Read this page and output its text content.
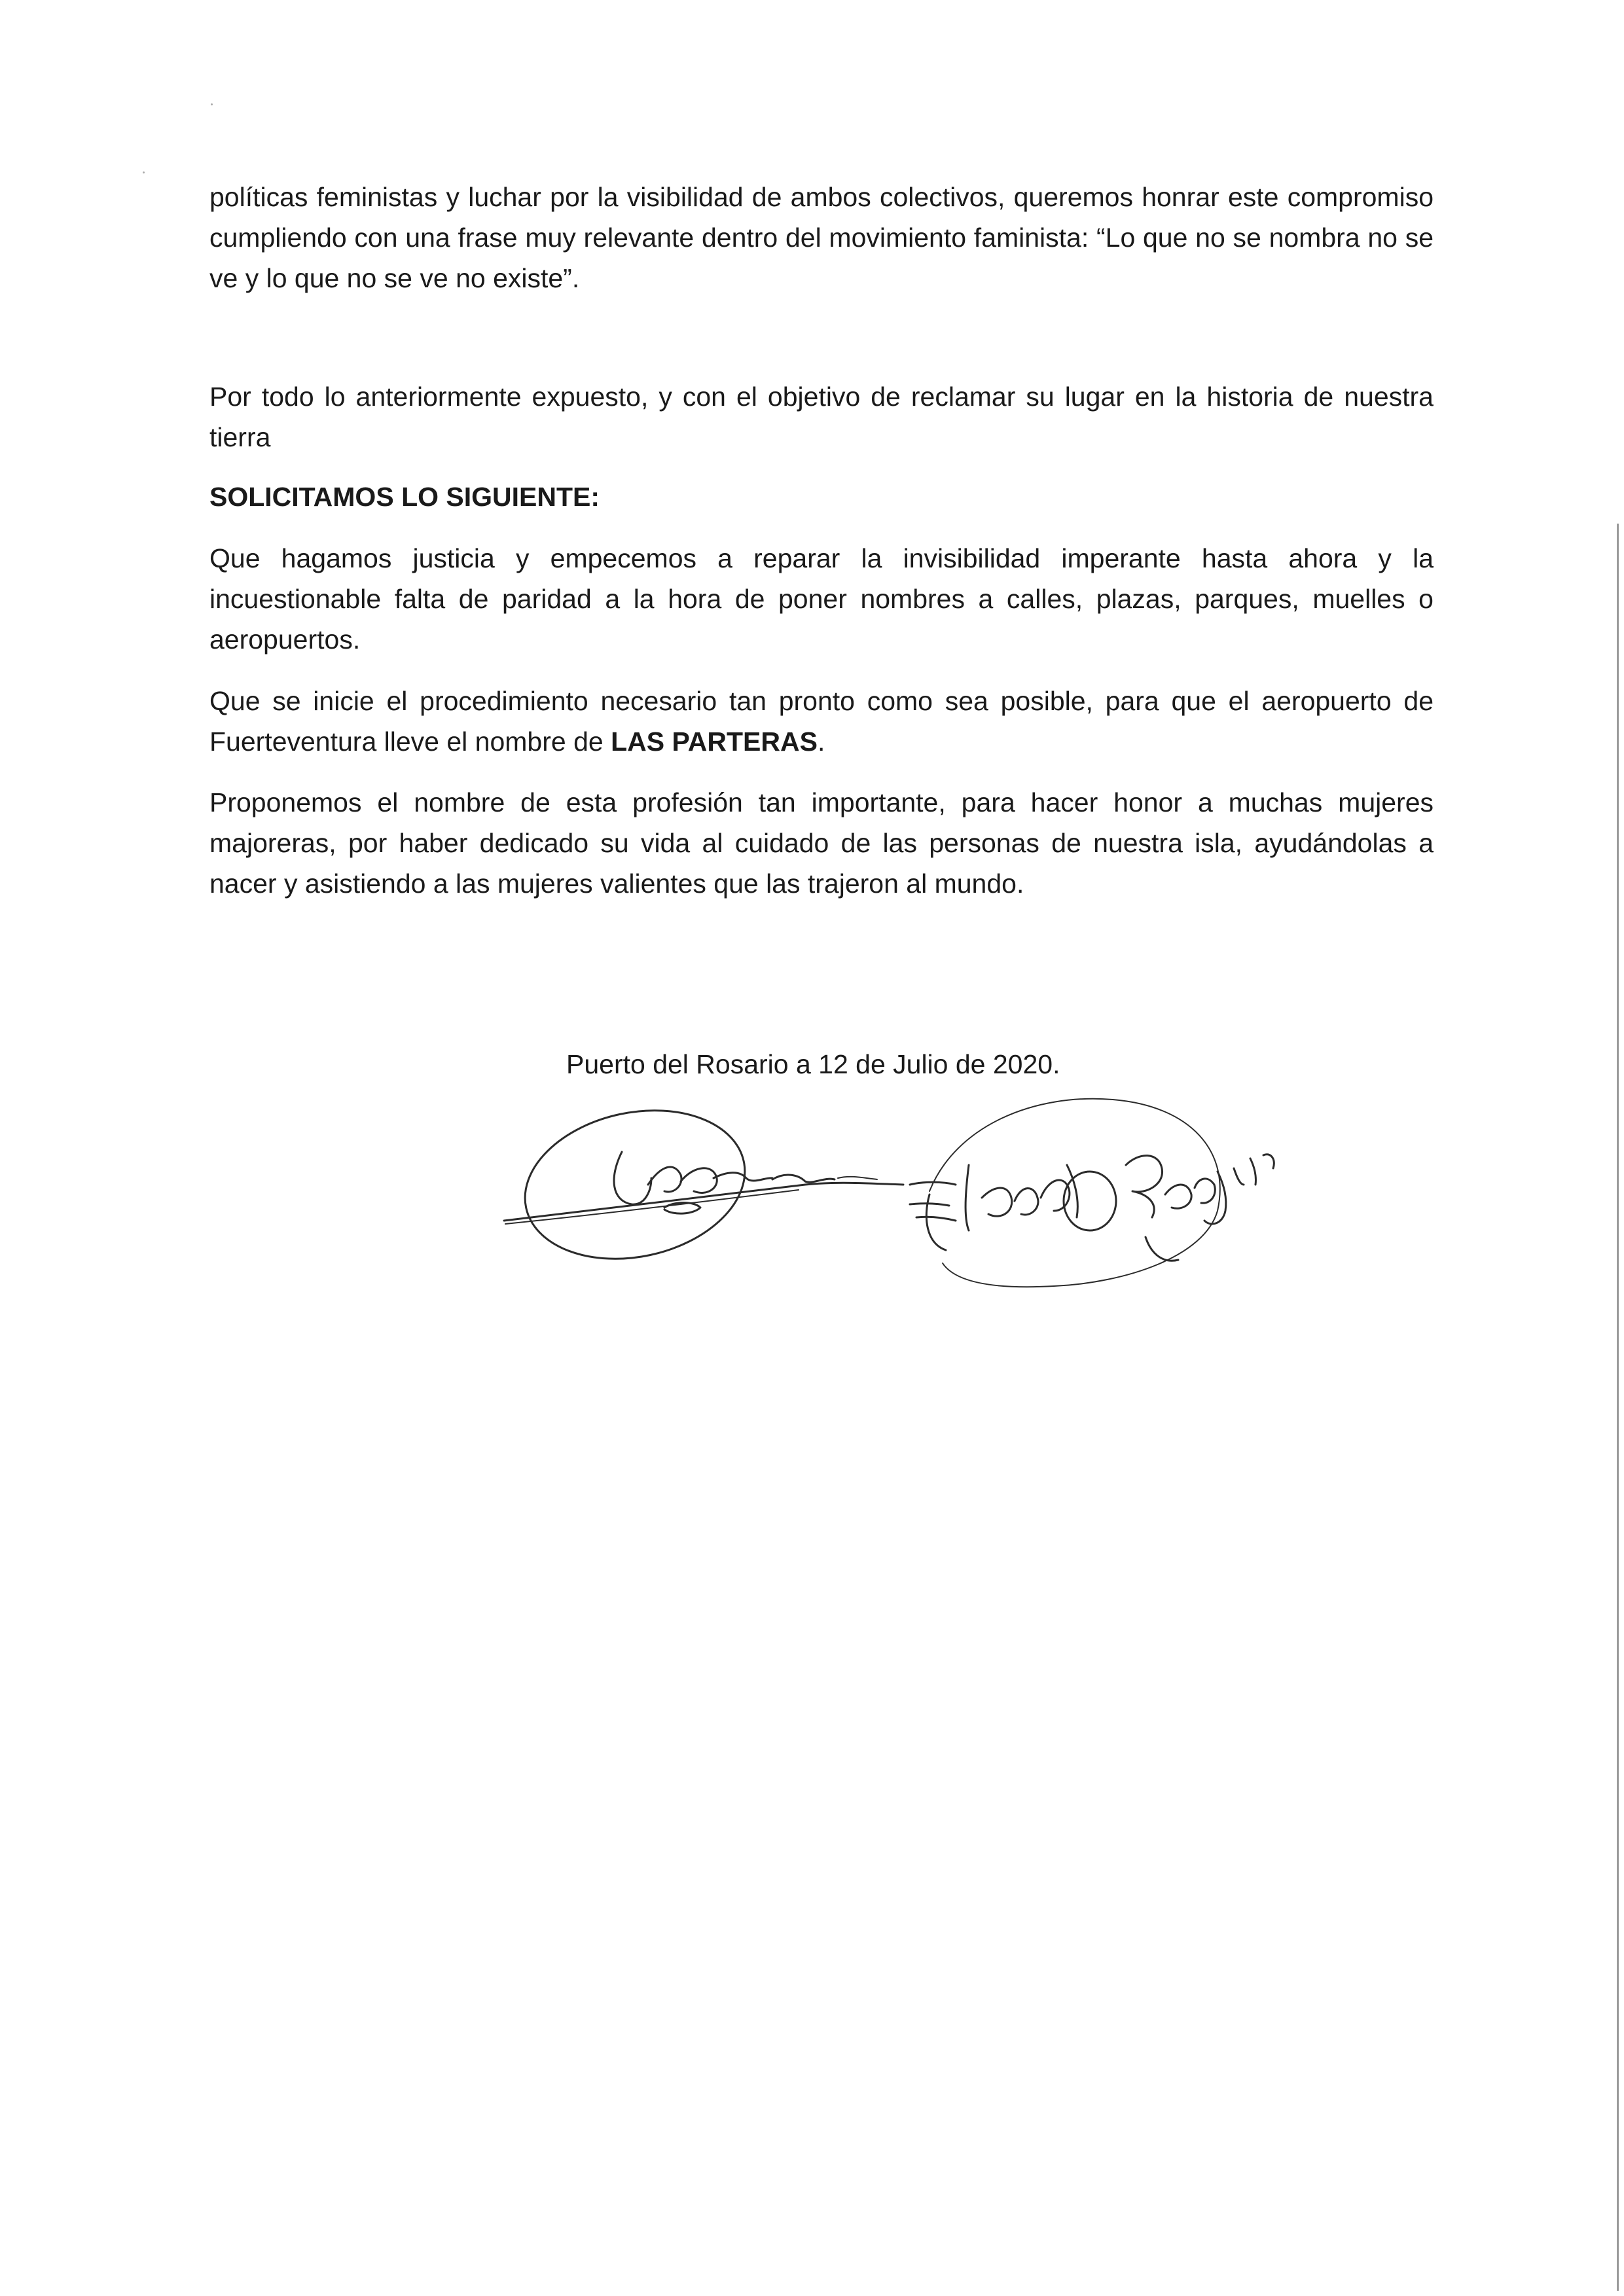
políticas feministas y luchar por la visibilidad de ambos colectivos, queremos honrar este compromiso cumpliendo con una frase muy relevante dentro del movimiento faminista: “Lo que no se nombra no se ve y lo que no se ve no existe”.

Por todo lo anteriormente expuesto, y con el objetivo de reclamar su lugar en la historia de nuestra tierra

SOLICITAMOS LO SIGUIENTE:

Que hagamos justicia y empecemos a reparar la invisibilidad imperante hasta ahora y la incuestionable falta de paridad a la hora de poner nombres a calles, plazas, parques, muelles o aeropuertos.

Que se inicie el procedimiento necesario tan pronto como sea posible, para que el aeropuerto de Fuerteventura lleve el nombre de LAS PARTERAS.

Proponemos el nombre de esta profesión tan importante, para hacer honor a muchas mujeres majoreras, por haber dedicado su vida al cuidado de las personas de nuestra isla, ayudándolas a nacer y asistiendo a las mujeres valientes que las trajeron al mundo.

Puerto del Rosario a 12 de Julio de 2020.
